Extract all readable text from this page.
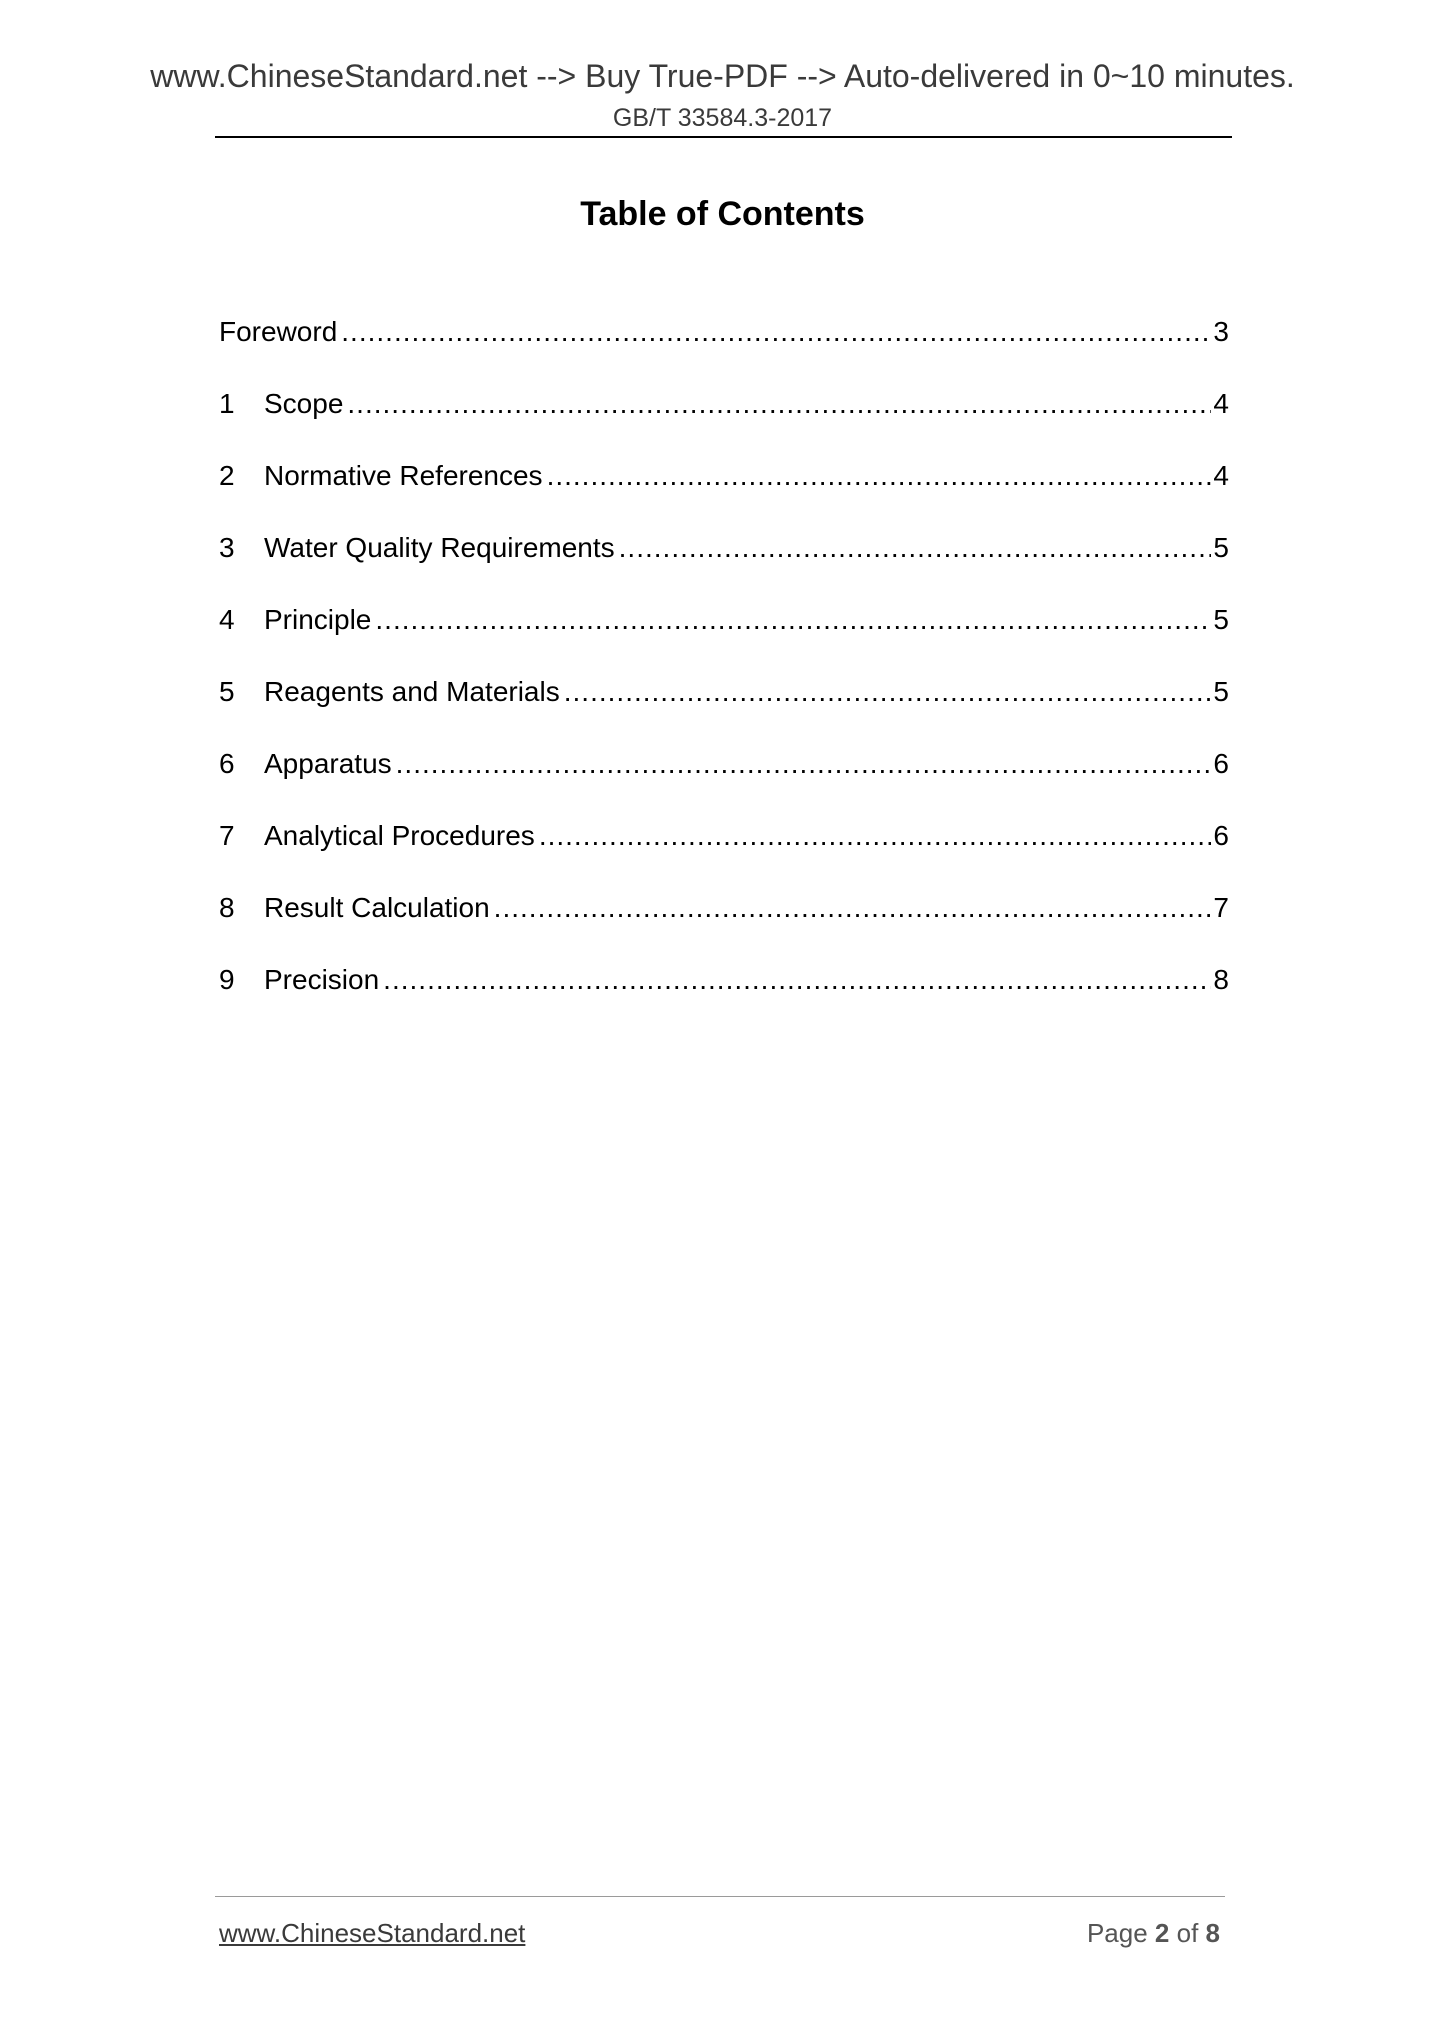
www.ChineseStandard.net --> Buy True-PDF --> Auto-delivered in 0~10 minutes.
GB/T 33584.3-2017
Table of Contents
Foreword .....	3
1	Scope .....	4
2	Normative References .....	4
3	Water Quality Requirements .....	5
4	Principle .....	5
5	Reagents and Materials .....	5
6	Apparatus .....	6
7	Analytical Procedures .....	6
8	Result Calculation .....	7
9	Precision .....	8
www.ChineseStandard.net	Page 2 of 8
